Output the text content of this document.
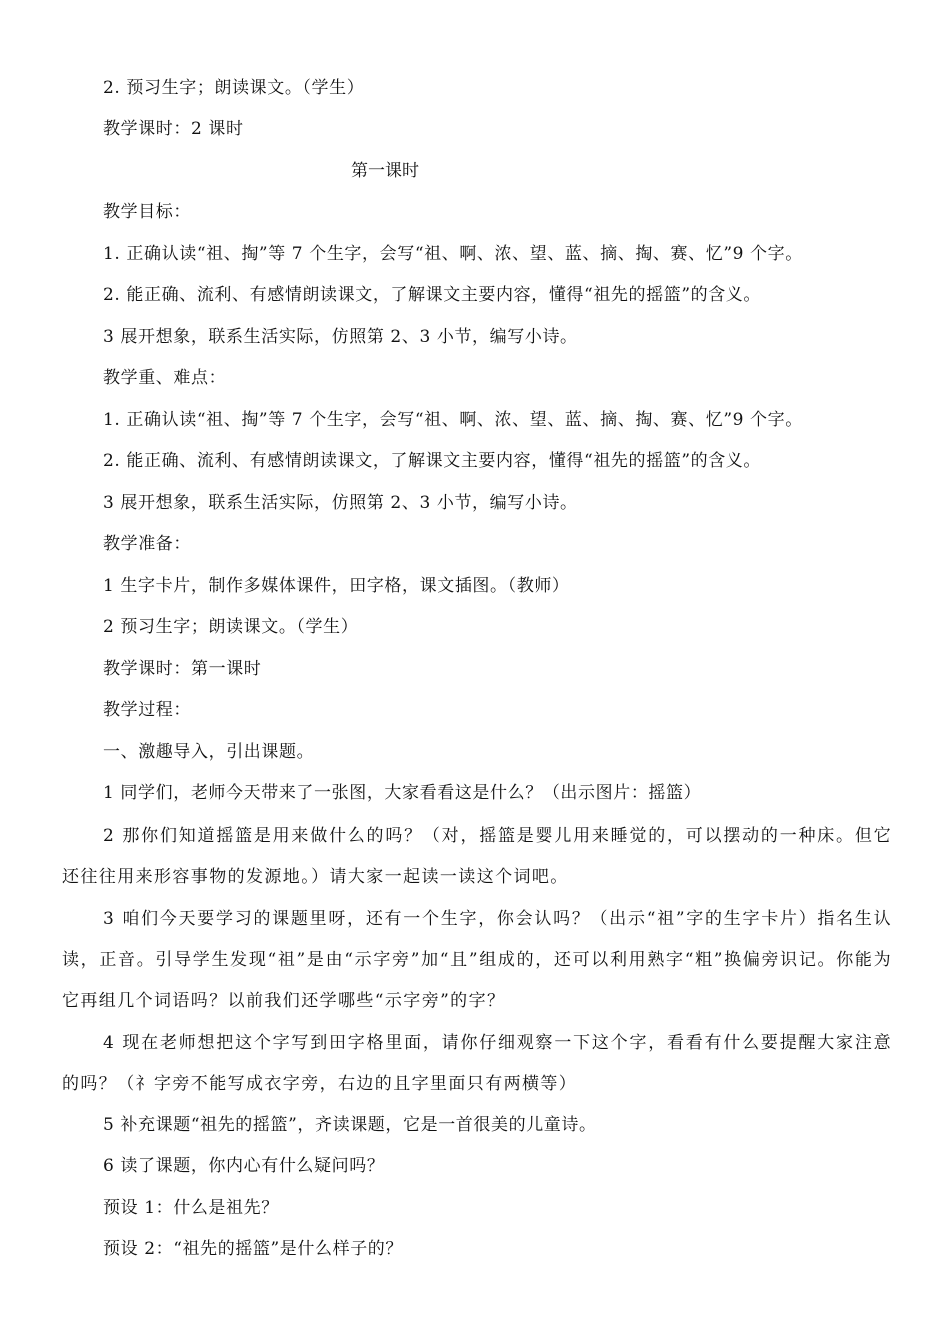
2. 预习生字；朗读课文。（学生）
教学课时：2 课时
第一课时
教学目标：
1. 正确认读“祖、掏”等 7 个生字，会写“祖、啊、浓、望、蓝、摘、掏、赛、忆”9 个字。
2. 能正确、流利、有感情朗读课文，了解课文主要内容，懂得“祖先的摇篮”的含义。
3 展开想象，联系生活实际，仿照第 2、3 小节，编写小诗。
教学重、难点：
1. 正确认读“祖、掏”等 7 个生字，会写“祖、啊、浓、望、蓝、摘、掏、赛、忆”9 个字。
2. 能正确、流利、有感情朗读课文，了解课文主要内容，懂得“祖先的摇篮”的含义。
3 展开想象，联系生活实际，仿照第 2、3 小节，编写小诗。
教学准备：
1 生字卡片，制作多媒体课件，田字格，课文插图。（教师）
2 预习生字；朗读课文。（学生）
教学课时：第一课时
教学过程：
一、激趣导入，引出课题。
1 同学们，老师今天带来了一张图，大家看看这是什么？（出示图片：摇篮）
2 那你们知道摇篮是用来做什么的吗？（对，摇篮是婴儿用来睡觉的，可以摆动的一种床。但它还往往用来形容事物的发源地。）请大家一起读一读这个词吧。
3 咱们今天要学习的课题里呀，还有一个生字，你会认吗？（出示“祖”字的生字卡片）指名生认读，正音。引导学生发现“祖”是由“示字旁”加“且”组成的，还可以利用熟字“粗”换偏旁识记。你能为它再组几个词语吗？以前我们还学哪些“示字旁”的字？
4 现在老师想把这个字写到田字格里面，请你仔细观察一下这个字，看看有什么要提醒大家注意的吗？（礻字旁不能写成衣字旁，右边的且字里面只有两横等）
5 补充课题“祖先的摇篮”，齐读课题，它是一首很美的儿童诗。
6 读了课题，你内心有什么疑问吗？
预设 1：什么是祖先？
预设 2：“祖先的摇篮”是什么样子的？
